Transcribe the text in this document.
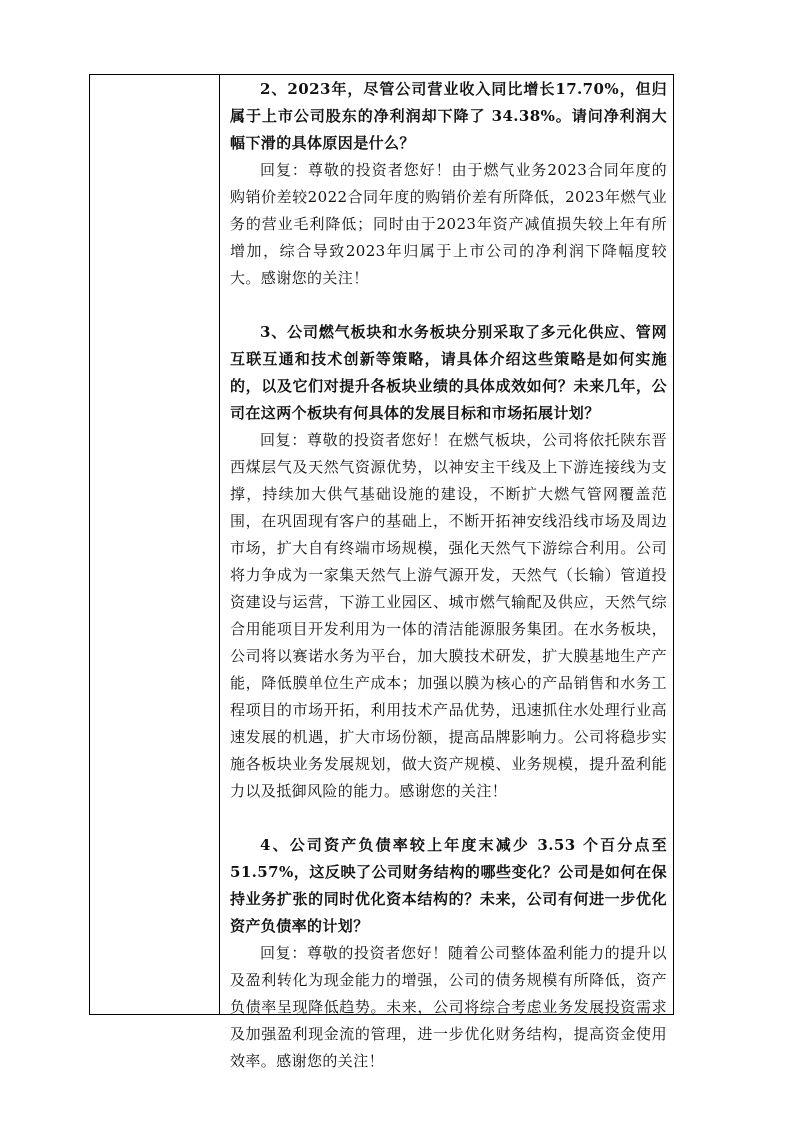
2、2023年，尽管公司营业收入同比增长17.70%，但归属于上市公司股东的净利润却下降了 34.38%。请问净利润大幅下滑的具体原因是什么？

回复：尊敬的投资者您好！由于燃气业务2023合同年度的购销价差较2022合同年度的购销价差有所降低，2023年燃气业务的营业毛利降低；同时由于2023年资产减值损失较上年有所增加，综合导致2023年归属于上市公司的净利润下降幅度较大。感谢您的关注！

3、公司燃气板块和水务板块分别采取了多元化供应、管网互联互通和技术创新等策略，请具体介绍这些策略是如何实施的，以及它们对提升各板块业绩的具体成效如何？未来几年，公司在这两个板块有何具体的发展目标和市场拓展计划？

回复：尊敬的投资者您好！在燃气板块，公司将依托陕东晋西煤层气及天然气资源优势，以神安主干线及上下游连接线为支撑，持续加大供气基础设施的建设，不断扩大燃气管网覆盖范围，在巩固现有客户的基础上，不断开拓神安线沿线市场及周边市场，扩大自有终端市场规模，强化天然气下游综合利用。公司将力争成为一家集天然气上游气源开发，天然气（长输）管道投资建设与运营，下游工业园区、城市燃气输配及供应，天然气综合用能项目开发利用为一体的清洁能源服务集团。在水务板块，公司将以赛诺水务为平台，加大膜技术研发，扩大膜基地生产产能，降低膜单位生产成本；加强以膜为核心的产品销售和水务工程项目的市场开拓，利用技术产品优势，迅速抓住水处理行业高速发展的机遇，扩大市场份额，提高品牌影响力。公司将稳步实施各板块业务发展规划，做大资产规模、业务规模，提升盈利能力以及抵御风险的能力。感谢您的关注！

4、公司资产负债率较上年度末减少 3.53 个百分点至51.57%，这反映了公司财务结构的哪些变化？公司是如何在保持业务扩张的同时优化资本结构的？未来，公司有何进一步优化资产负债率的计划？

回复：尊敬的投资者您好！随着公司整体盈利能力的提升以及盈利转化为现金能力的增强，公司的债务规模有所降低，资产负债率呈现降低趋势。未来，公司将综合考虑业务发展投资需求及加强盈利现金流的管理，进一步优化财务结构，提高资金使用效率。感谢您的关注！
